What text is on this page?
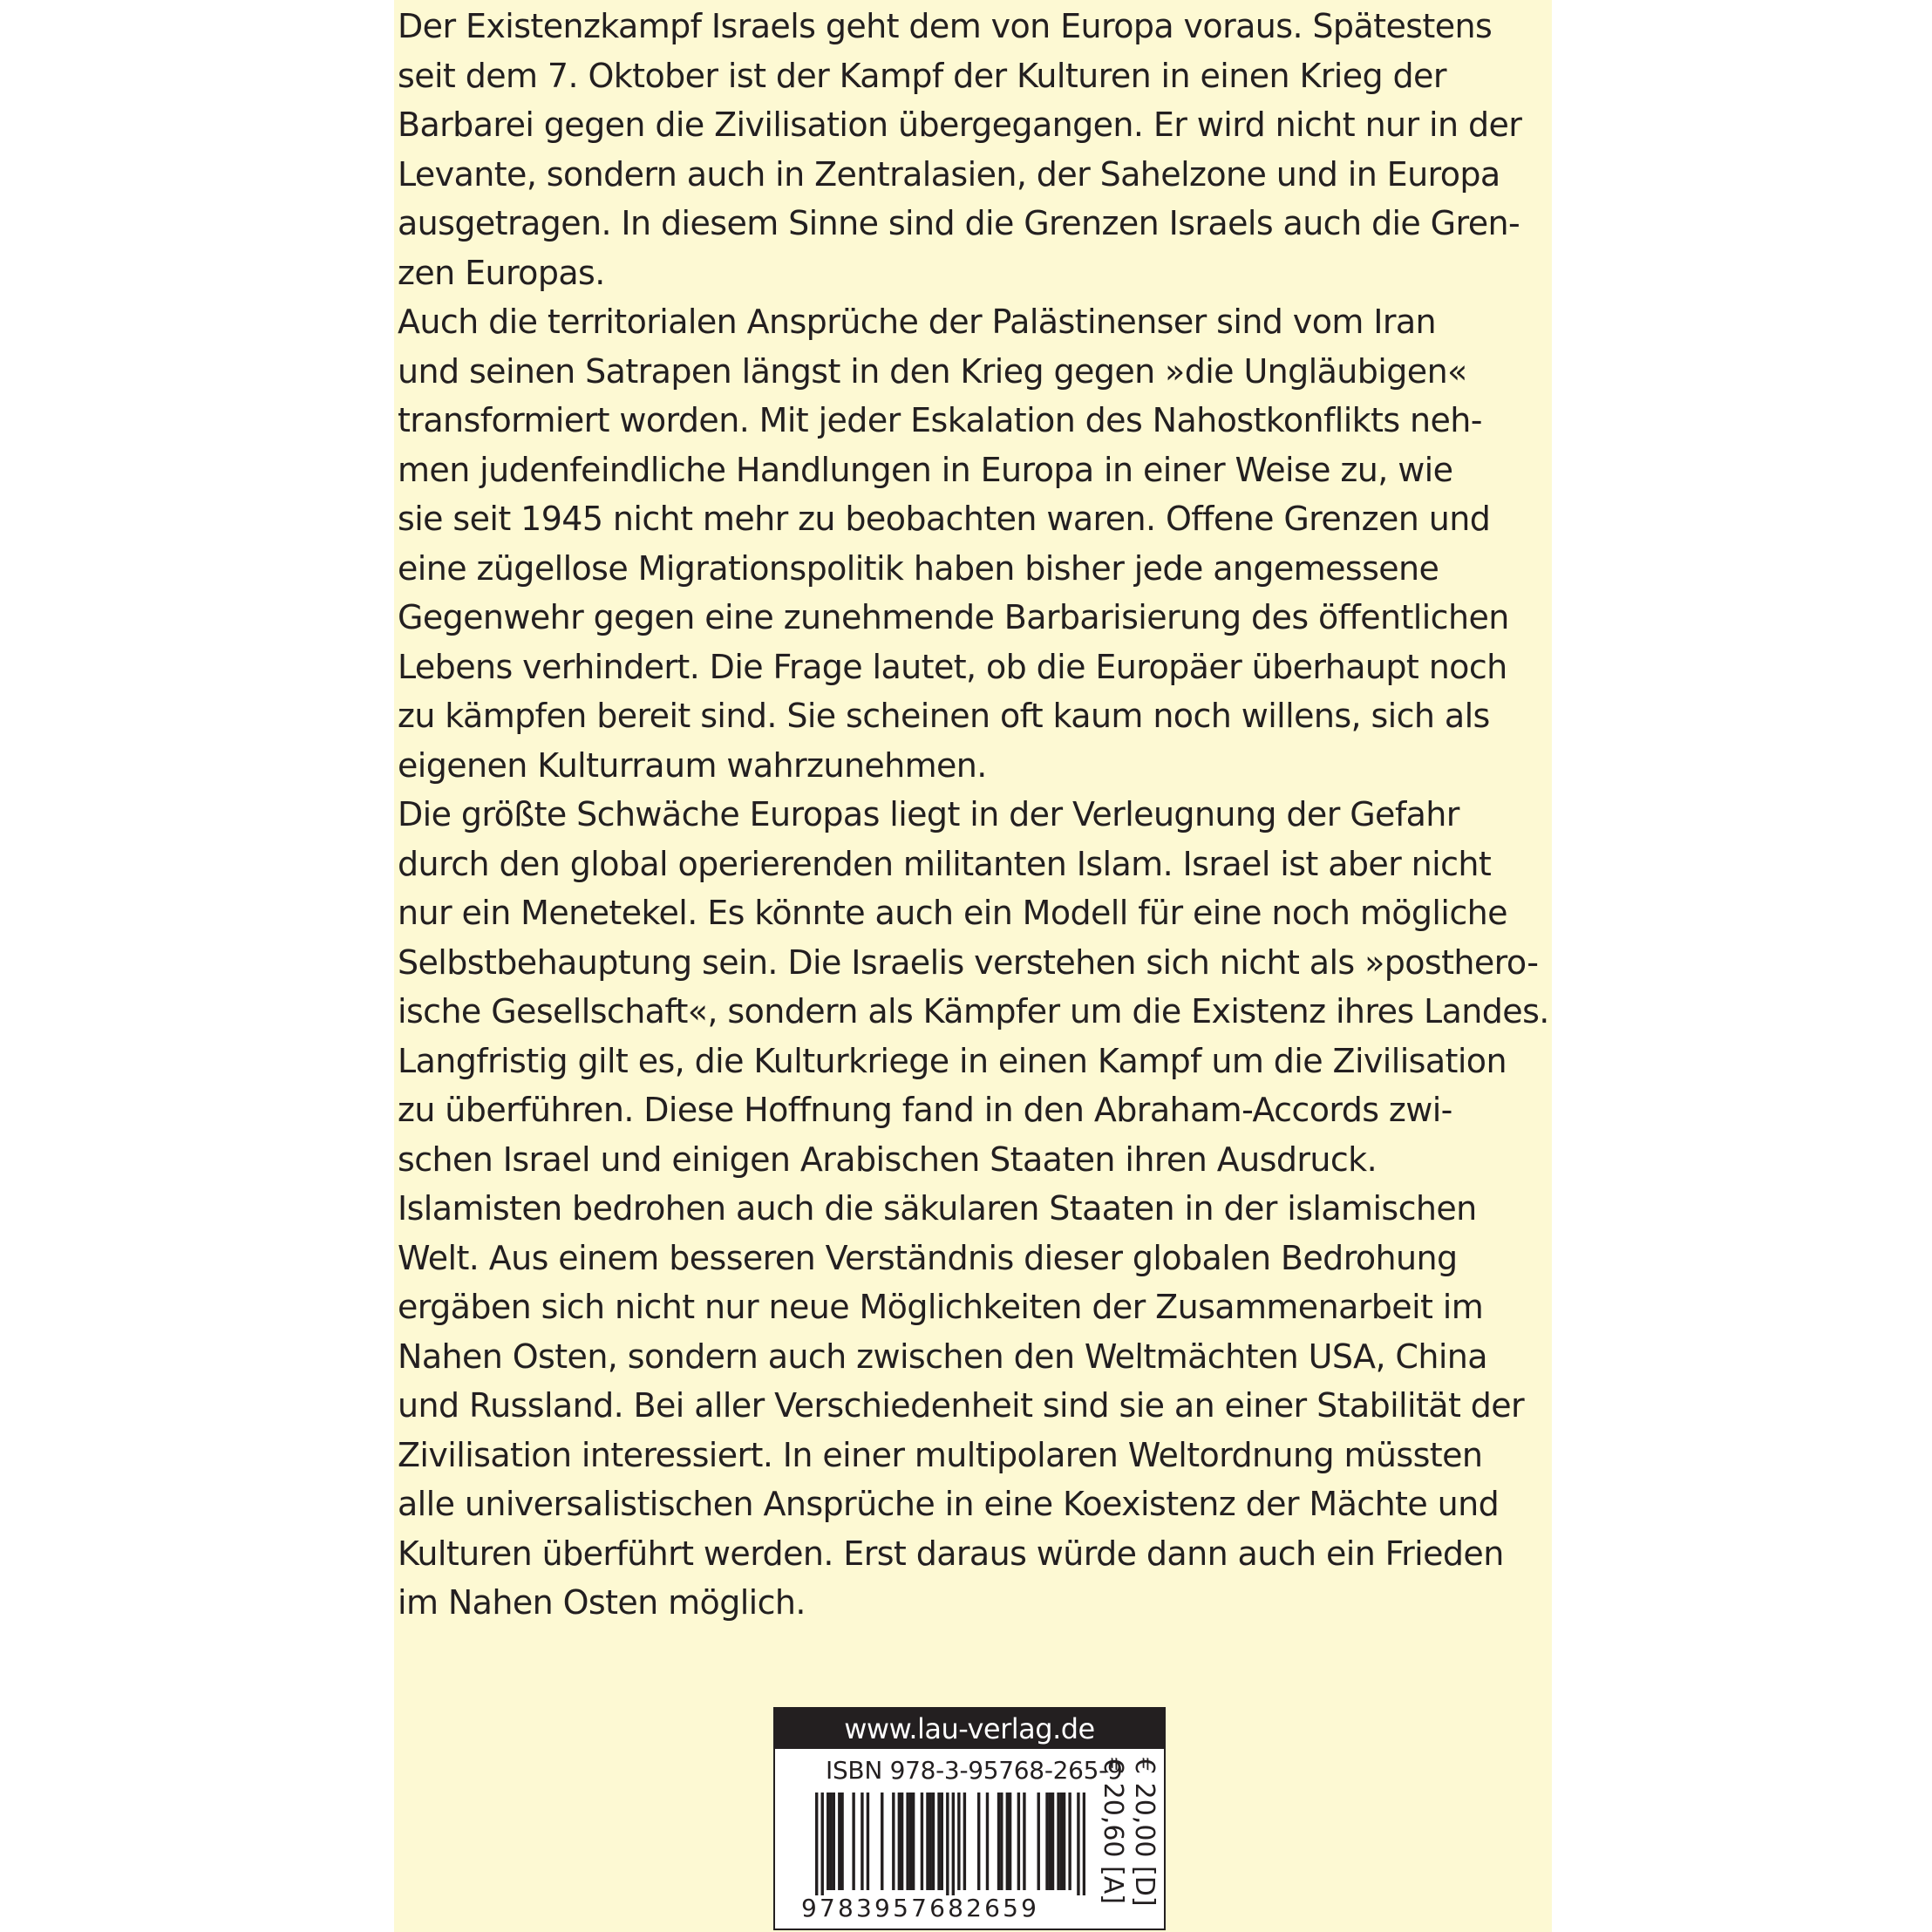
Der Existenzkampf Israels geht dem von Europa voraus. Spätestens
seit dem 7. Oktober ist der Kampf der Kulturen in einen Krieg der
Barbarei gegen die Zivilisation übergegangen. Er wird nicht nur in der
Levante, sondern auch in Zentralasien, der Sahelzone und in Europa
ausgetragen. In diesem Sinne sind die Grenzen Israels auch die Gren-
zen Europas.
Auch die territorialen Ansprüche der Palästinenser sind vom Iran
und seinen Satrapen längst in den Krieg gegen »die Ungläubigen«
transformiert worden. Mit jeder Eskalation des Nahostkonflikts neh-
men judenfeindliche Handlungen in Europa in einer Weise zu, wie
sie seit 1945 nicht mehr zu beobachten waren. Offene Grenzen und
eine zügellose Migrationspolitik haben bisher jede angemessene
Gegenwehr gegen eine zunehmende Barbarisierung des öffentlichen
Lebens verhindert. Die Frage lautet, ob die Europäer überhaupt noch
zu kämpfen bereit sind. Sie scheinen oft kaum noch willens, sich als
eigenen Kulturraum wahrzunehmen.
Die größte Schwäche Europas liegt in der Verleugnung der Gefahr
durch den global operierenden militanten Islam. Israel ist aber nicht
nur ein Menetekel. Es könnte auch ein Modell für eine noch mögliche
Selbstbehauptung sein. Die Israelis verstehen sich nicht als »posthero-
ische Gesellschaft«, sondern als Kämpfer um die Existenz ihres Landes.
Langfristig gilt es, die Kulturkriege in einen Kampf um die Zivilisation
zu überführen. Diese Hoffnung fand in den Abraham-Accords zwi-
schen Israel und einigen Arabischen Staaten ihren Ausdruck.
Islamisten bedrohen auch die säkularen Staaten in der islamischen
Welt. Aus einem besseren Verständnis dieser globalen Bedrohung
ergäben sich nicht nur neue Möglichkeiten der Zusammenarbeit im
Nahen Osten, sondern auch zwischen den Weltmächten USA, China
und Russland. Bei aller Verschiedenheit sind sie an einer Stabilität der
Zivilisation interessiert. In einer multipolaren Weltordnung müssten
alle universalistischen Ansprüche in eine Koexistenz der Mächte und
Kulturen überführt werden. Erst daraus würde dann auch ein Frieden
im Nahen Osten möglich.
www.lau-verlag.de
ISBN 978-3-95768-265-9
9783957682659
€ 20,00 [D]
€ 20,60 [A]
